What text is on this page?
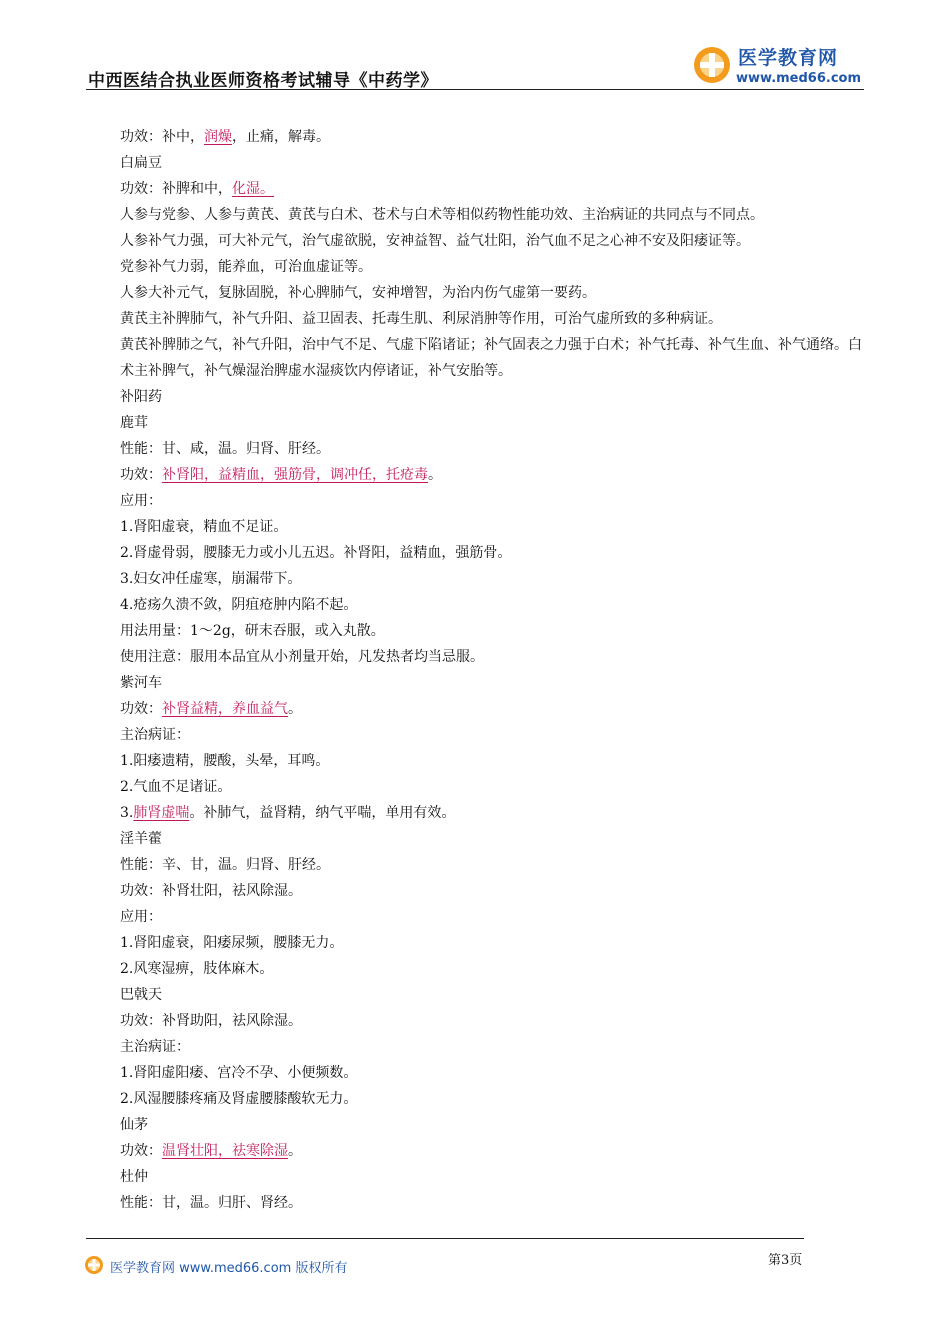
中西医结合执业医师资格考试辅导《中药学》
医学教育网
www.med66.com
功效：补中，润燥，止痛，解毒。
白扁豆
功效：补脾和中，化湿。
人参与党参、人参与黄芪、黄芪与白术、苍术与白术等相似药物性能功效、主治病证的共同点与不同点。
人参补气力强，可大补元气，治气虚欲脱，安神益智、益气壮阳，治气血不足之心神不安及阳痿证等。
党参补气力弱，能养血，可治血虚证等。
人参大补元气，复脉固脱，补心脾肺气，安神增智，为治内伤气虚第一要药。
黄芪主补脾肺气，补气升阳、益卫固表、托毒生肌、利尿消肿等作用，可治气虚所致的多种病证。
黄芪补脾肺之气，补气升阳，治中气不足、气虚下陷诸证；补气固表之力强于白术；补气托毒、补气生血、补气通络。白术主补脾气，补气燥湿治脾虚水湿痰饮内停诸证，补气安胎等。
补阳药
鹿茸
性能：甘、咸，温。归肾、肝经。
功效：补肾阳，益精血，强筋骨，调冲任，托疮毒。
应用：
1.肾阳虚衰，精血不足证。
2.肾虚骨弱，腰膝无力或小儿五迟。补肾阳，益精血，强筋骨。
3.妇女冲任虚寒，崩漏带下。
4.疮疡久溃不敛，阴疽疮肿内陷不起。
用法用量：1～2g，研末吞服，或入丸散。
使用注意：服用本品宜从小剂量开始，凡发热者均当忌服。
紫河车
功效：补肾益精，养血益气。
主治病证：
1.阳痿遗精，腰酸，头晕，耳鸣。
2.气血不足诸证。
3.肺肾虚喘。补肺气，益肾精，纳气平喘，单用有效。
淫羊藿
性能：辛、甘，温。归肾、肝经。
功效：补肾壮阳，祛风除湿。
应用：
1.肾阳虚衰，阳痿尿频，腰膝无力。
2.风寒湿痹，肢体麻木。
巴戟天
功效：补肾助阳，祛风除湿。
主治病证：
1.肾阳虚阳痿、宫冷不孕、小便频数。
2.风湿腰膝疼痛及肾虚腰膝酸软无力。
仙茅
功效：温肾壮阳，祛寒除湿。
杜仲
性能：甘，温。归肝、肾经。
医学教育网 www.med66.com 版权所有
第3页
